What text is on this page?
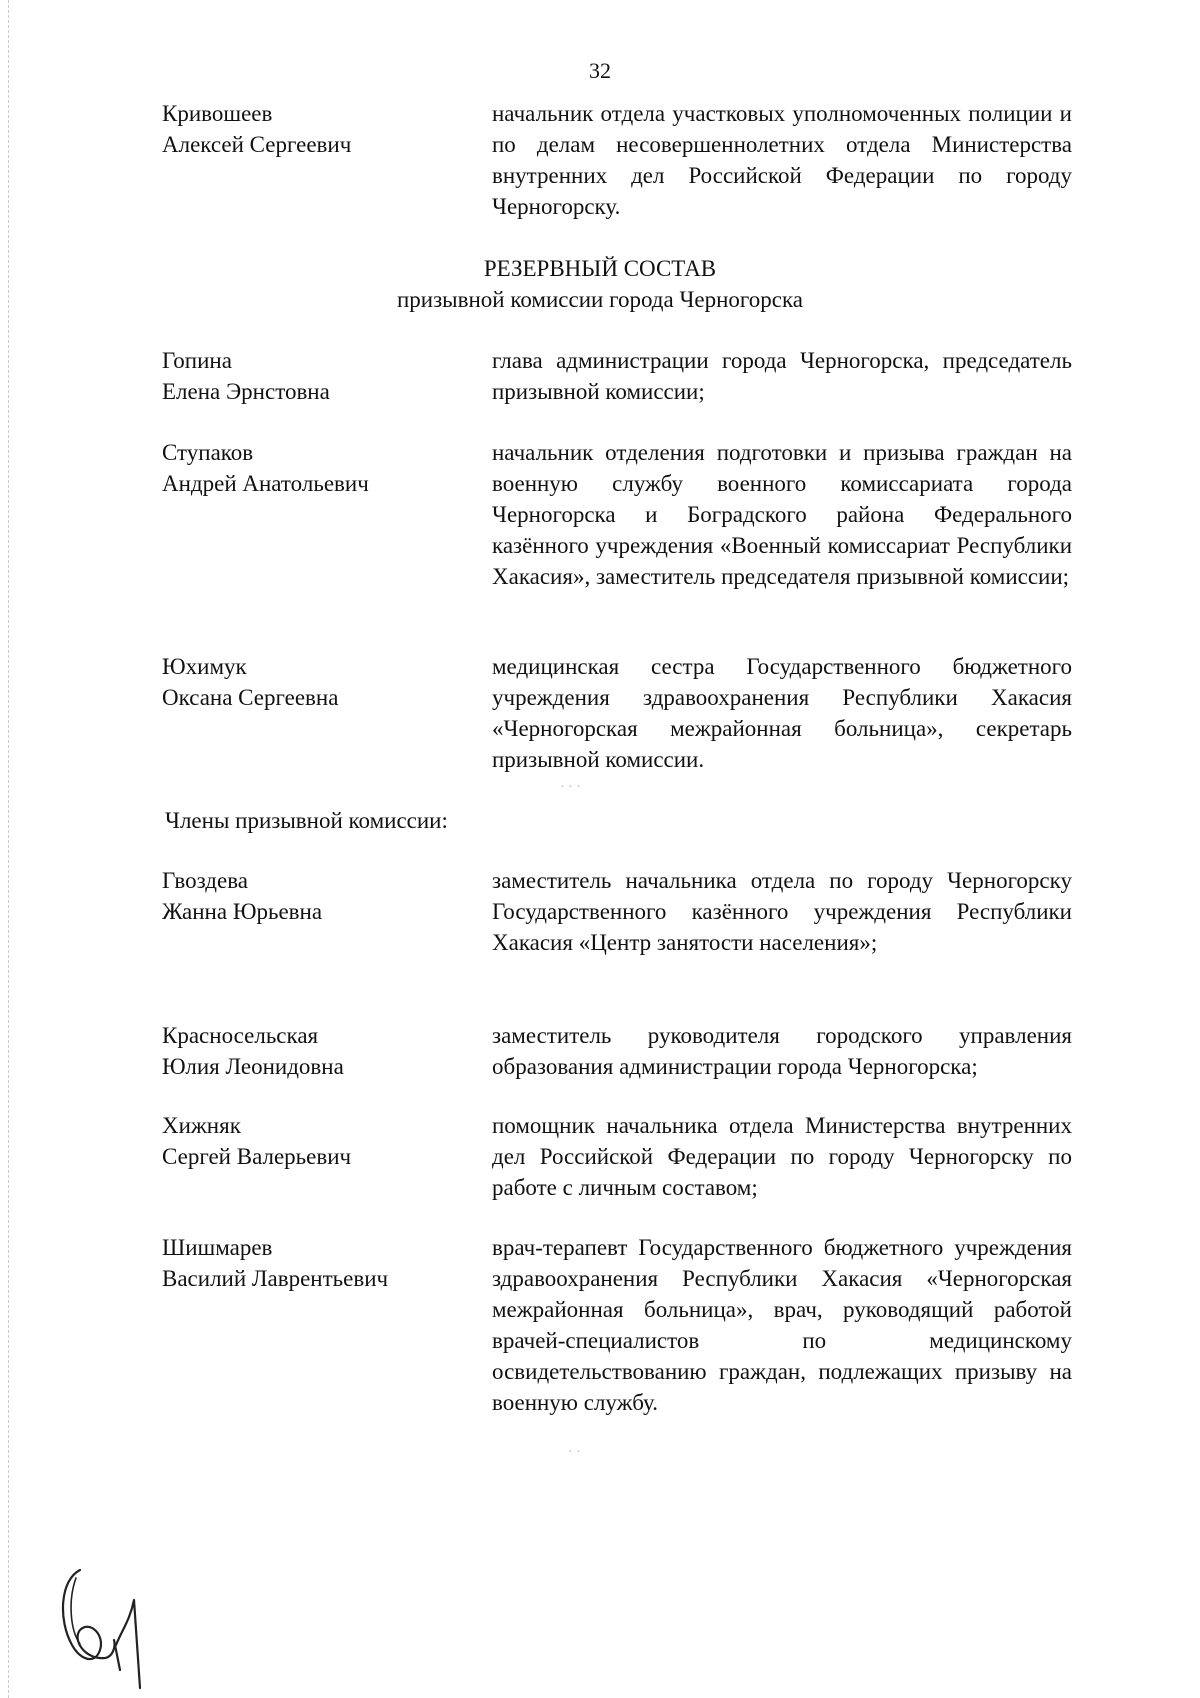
32
Кривошеев
Алексей Сергеевич
начальник отдела участковых уполномоченных полиции и по делам несовершеннолетних отдела Министерства внутренних дел Российской Федерации по городу Черногорску.
РЕЗЕРВНЫЙ СОСТАВ
призывной комиссии города Черногорска
Гопина
Елена Эрнстовна
глава администрации города Черногорска, председатель призывной комиссии;
Ступаков
Андрей Анатольевич
начальник отделения подготовки и призыва граждан на военную службу военного комиссариата города Черногорска и Боградского района Федерального казённого учреждения «Военный комиссариат Республики Хакасия», заместитель председателя призывной комиссии;
Юхимук
Оксана Сергеевна
медицинская сестра Государственного бюджетного учреждения здравоохранения Республики Хакасия «Черногорская межрайонная больница», секретарь призывной комиссии.
· · ·
Члены призывной комиссии:
Гвоздева
Жанна Юрьевна
заместитель начальника отдела по городу Черногорску Государственного казённого учреждения Республики Хакасия «Центр занятости населения»;
Красносельская
Юлия Леонидовна
заместитель руководителя городского управления образования администрации города Черногорска;
Хижняк
Сергей Валерьевич
помощник начальника отдела Министерства внутренних дел Российской Федерации по городу Черногорску по работе с личным составом;
Шишмарев
Василий Лаврентьевич
врач-терапевт Государственного бюджетного учреждения здравоохранения Республики Хакасия «Черногорская межрайонная больница», врач, руководящий работой врачей-специалистов по медицинскому освидетельствованию граждан, подлежащих призыву на военную службу.
· ·
